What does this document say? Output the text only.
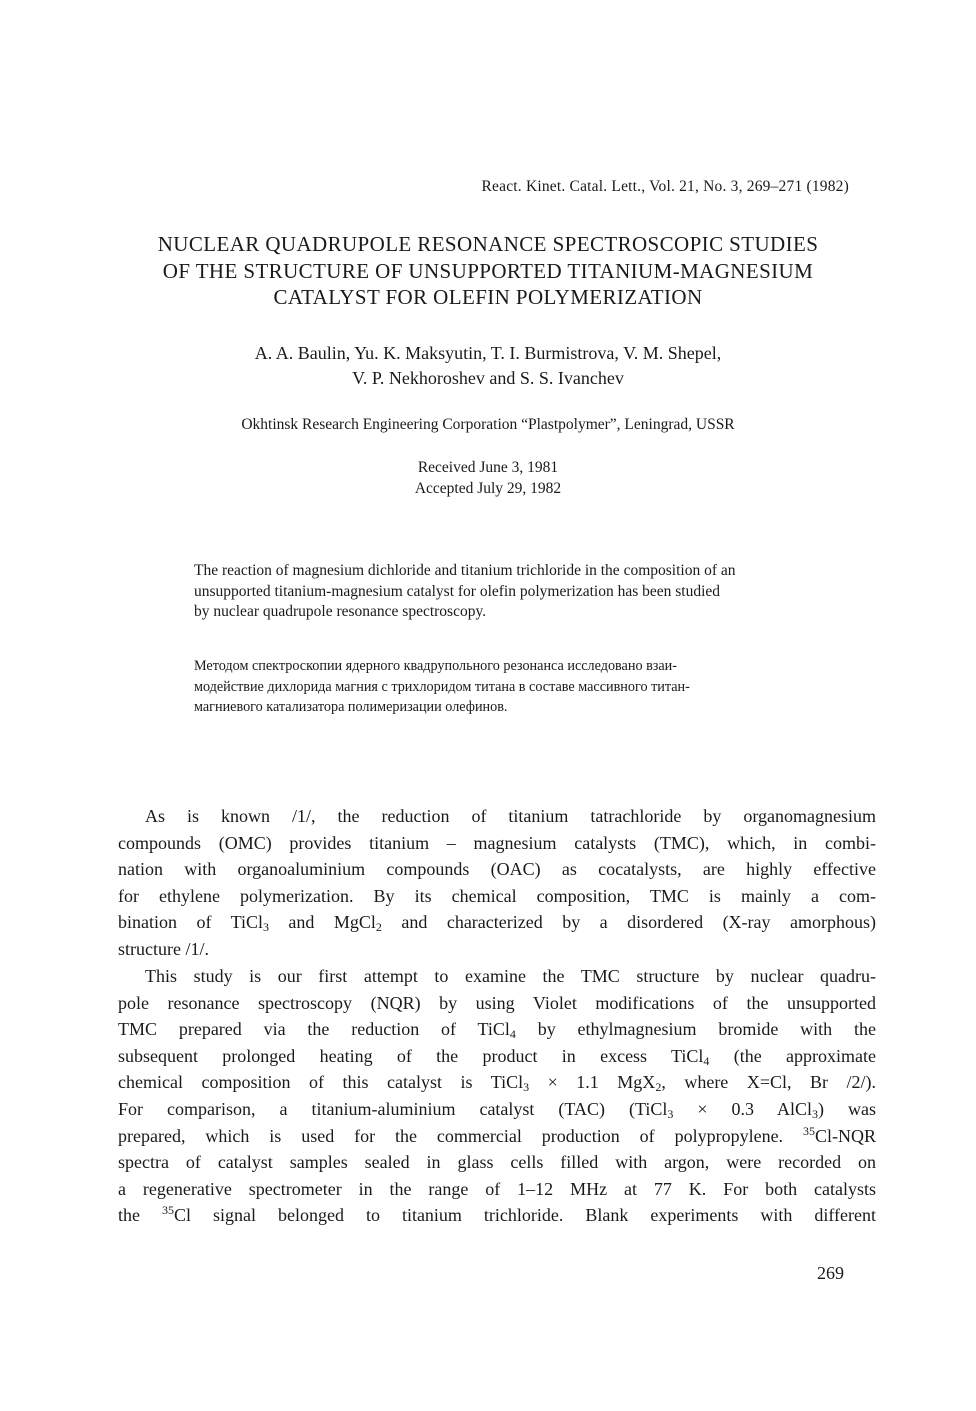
React. Kinet. Catal. Lett., Vol. 21, No. 3, 269–271 (1982)
NUCLEAR QUADRUPOLE RESONANCE SPECTROSCOPIC STUDIES
OF THE STRUCTURE OF UNSUPPORTED TITANIUM-MAGNESIUM
CATALYST FOR OLEFIN POLYMERIZATION
A. A. Baulin, Yu. K. Maksyutin, T. I. Burmistrova, V. M. Shepel,
V. P. Nekhoroshev and S. S. Ivanchev
Okhtinsk Research Engineering Corporation “Plastpolymer”, Leningrad, USSR
Received June 3, 1981
Accepted July 29, 1982
The reaction of magnesium dichloride and titanium trichloride in the composition of an
unsupported titanium-magnesium catalyst for olefin polymerization has been studied
by nuclear quadrupole resonance spectroscopy.
Методом спектроскопии ядерного квадрупольного резонанса исследовано взаи-
модействие дихлорида магния с трихлоридом титана в составе массивного титан-
магниевого катализатора полимеризации олефинов.
As is known /1/, the reduction of titanium tatrachloride by organomagnesium
compounds (OMC) provides titanium – magnesium catalysts (TMC), which, in combi-
nation with organoaluminium compounds (OAC) as cocatalysts, are highly effective
for ethylene polymerization. By its chemical composition, TMC is mainly a com-
bination of TiCl$_3$ and MgCl$_2$ and characterized by a disordered (X-ray amorphous)
structure /1/.
This study is our first attempt to examine the TMC structure by nuclear quadru-
pole resonance spectroscopy (NQR) by using Violet modifications of the unsupported
TMC prepared via the reduction of TiCl$_4$ by ethylmagnesium bromide with the
subsequent prolonged heating of the product in excess TiCl$_4$ (the approximate
chemical composition of this catalyst is TiCl$_3$ × 1.1 MgX$_2$, where X=Cl, Br /2/).
For comparison, a titanium-aluminium catalyst (TAC) (TiCl$_3$ × 0.3 AlCl$_3$) was
prepared, which is used for the commercial production of polypropylene. $^{35}$Cl-NQR
spectra of catalyst samples sealed in glass cells filled with argon, were recorded on
a regenerative spectrometer in the range of 1–12 MHz at 77 K. For both catalysts
the $^{35}$Cl signal belonged to titanium trichloride. Blank experiments with different
269
